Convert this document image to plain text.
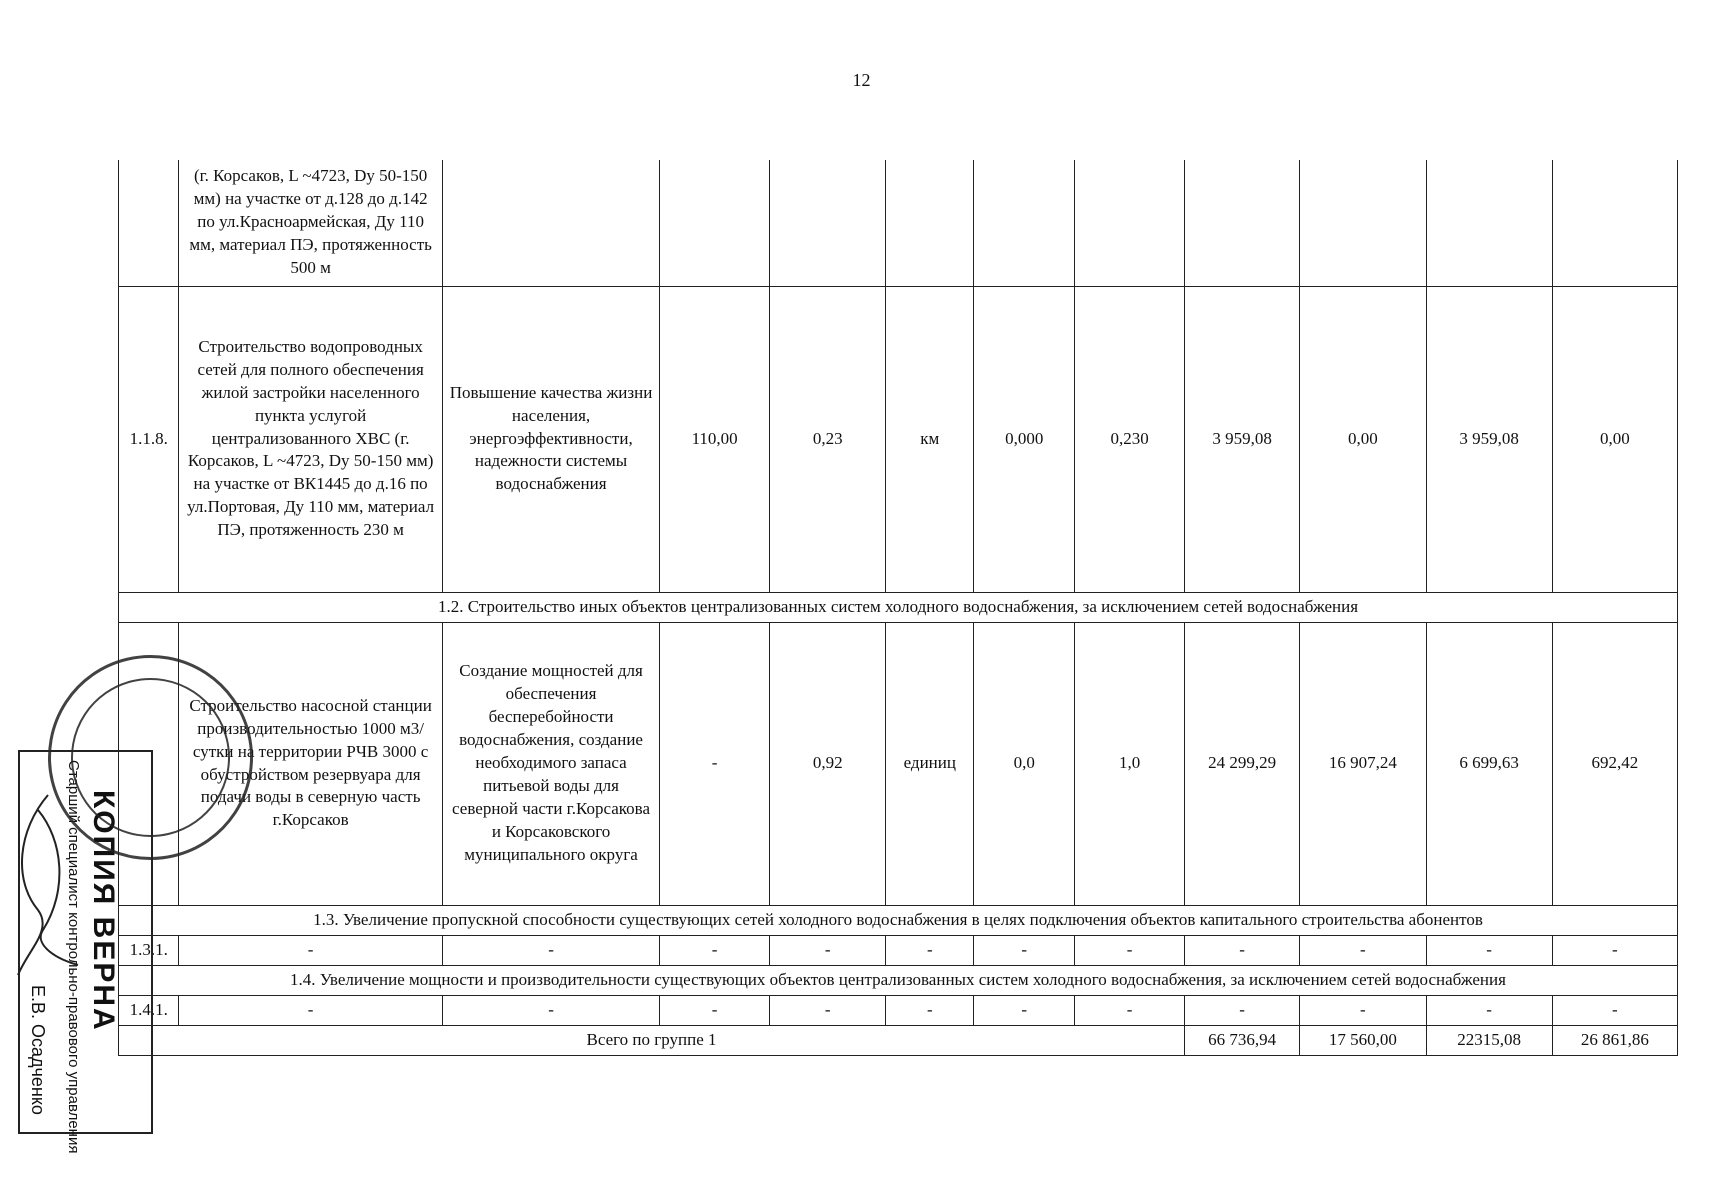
12
	(г. Корсаков, L ~4723, Dy 50-150 мм) на участке от д.128 до д.142 по ул.Красноармейская, Ду 110 мм, материал ПЭ, протяженность 500 м										
1.1.8.	Строительство водопроводных сетей для полного обеспечения жилой застройки населенного пункта услугой централизованного ХВС (г. Корсаков, L ~4723, Dy 50-150 мм) на участке от ВК1445 до д.16 по ул.Портовая, Ду 110 мм, материал ПЭ, протяженность 230 м	Повышение качества жизни населения, энергоэффективности, надежности системы водоснабжения	110,00	0,23	км	0,000	0,230	3 959,08	0,00	3 959,08	0,00
1.2. Строительство иных объектов централизованных систем холодного водоснабжения, за исключением сетей водоснабжения											
	Строительство насосной станции производительностью 1000 м3/сутки на территории РЧВ 3000 с обустройством резервуара для подачи воды в северную часть г.Корсаков	Создание мощностей для обеспечения бесперебойности водоснабжения, создание необходимого запаса питьевой воды для северной части г.Корсакова и Корсаковского муниципального округа	-	0,92	единиц	0,0	1,0	24 299,29	16 907,24	6 699,63	692,42
1.3. Увеличение пропускной способности существующих сетей холодного водоснабжения в целях подключения объектов капитального строительства абонентов											
1.3.1.	-	-	-	-	-	-	-	-	-	-	-
1.4. Увеличение мощности и производительности существующих объектов централизованных систем холодного водоснабжения, за исключением сетей водоснабжения											
1.4.1.	-	-	-	-	-	-	-	-	-	-	-
Всего по группе 1								66 736,94	17 560,00	22315,08	26 861,86
КОПИЯ ВЕРНА
Старший специалист контрольно-правового управления
Е.В. Осадченко
